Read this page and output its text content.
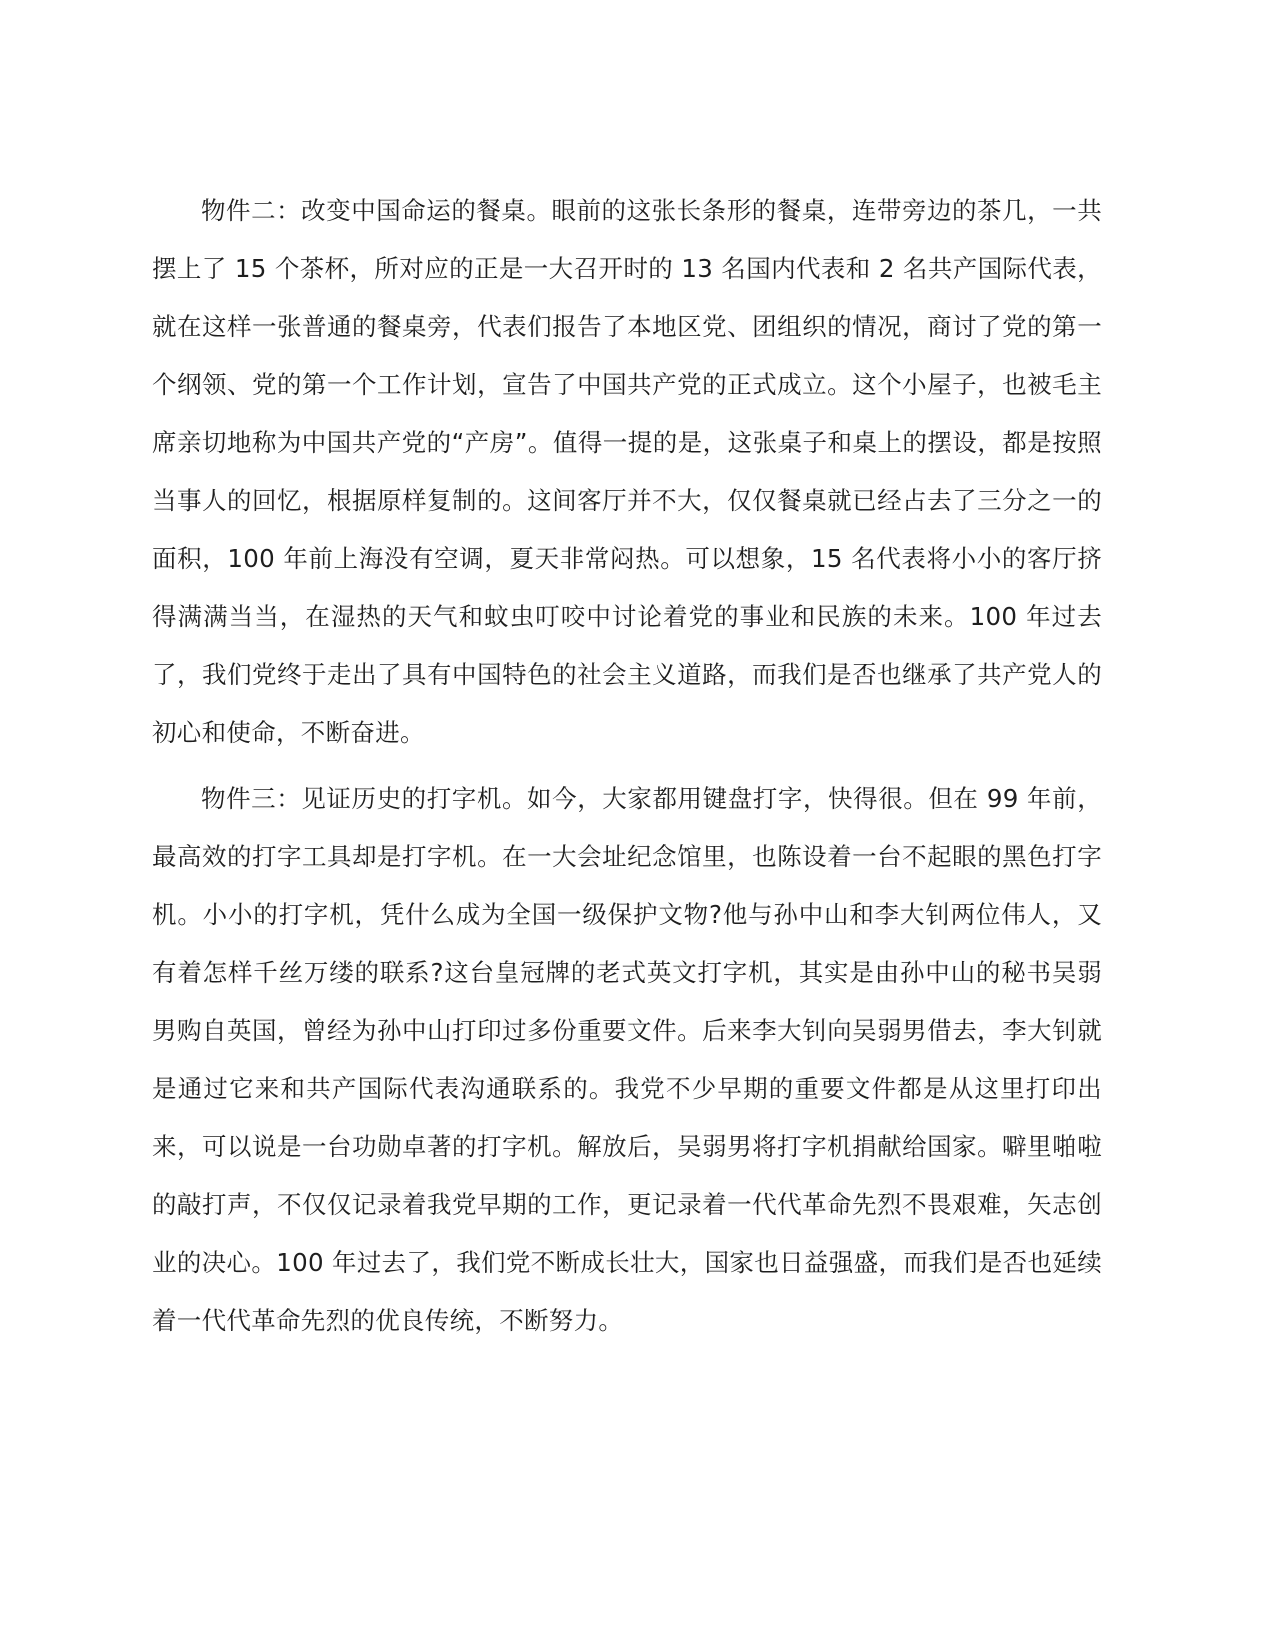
物件二：改变中国命运的餐桌。眼前的这张长条形的餐桌，连带旁边的茶几，一共摆上了 15 个茶杯，所对应的正是一大召开时的 13 名国内代表和 2 名共产国际代表，就在这样一张普通的餐桌旁，代表们报告了本地区党、团组织的情况，商讨了党的第一个纲领、党的第一个工作计划，宣告了中国共产党的正式成立。这个小屋子，也被毛主席亲切地称为中国共产党的“产房”。值得一提的是，这张桌子和桌上的摆设，都是按照当事人的回忆，根据原样复制的。这间客厅并不大，仅仅餐桌就已经占去了三分之一的面积，100 年前上海没有空调，夏天非常闷热。可以想象，15 名代表将小小的客厅挤得满满当当，在湿热的天气和蚊虫叮咬中讨论着党的事业和民族的未来。100 年过去了，我们党终于走出了具有中国特色的社会主义道路，而我们是否也继承了共产党人的初心和使命，不断奋进。

物件三：见证历史的打字机。如今，大家都用键盘打字，快得很。但在 99 年前，最高效的打字工具却是打字机。在一大会址纪念馆里，也陈设着一台不起眼的黑色打字机。小小的打字机，凭什么成为全国一级保护文物?他与孙中山和李大钊两位伟人，又有着怎样千丝万缕的联系?这台皇冠牌的老式英文打字机，其实是由孙中山的秘书吴弱男购自英国，曾经为孙中山打印过多份重要文件。后来李大钊向吴弱男借去，李大钊就是通过它来和共产国际代表沟通联系的。我党不少早期的重要文件都是从这里打印出来，可以说是一台功勋卓著的打字机。解放后，吴弱男将打字机捐献给国家。噼里啪啦的敲打声，不仅仅记录着我党早期的工作，更记录着一代代革命先烈不畏艰难，矢志创业的决心。100 年过去了，我们党不断成长壮大，国家也日益强盛，而我们是否也延续着一代代革命先烈的优良传统，不断努力。
